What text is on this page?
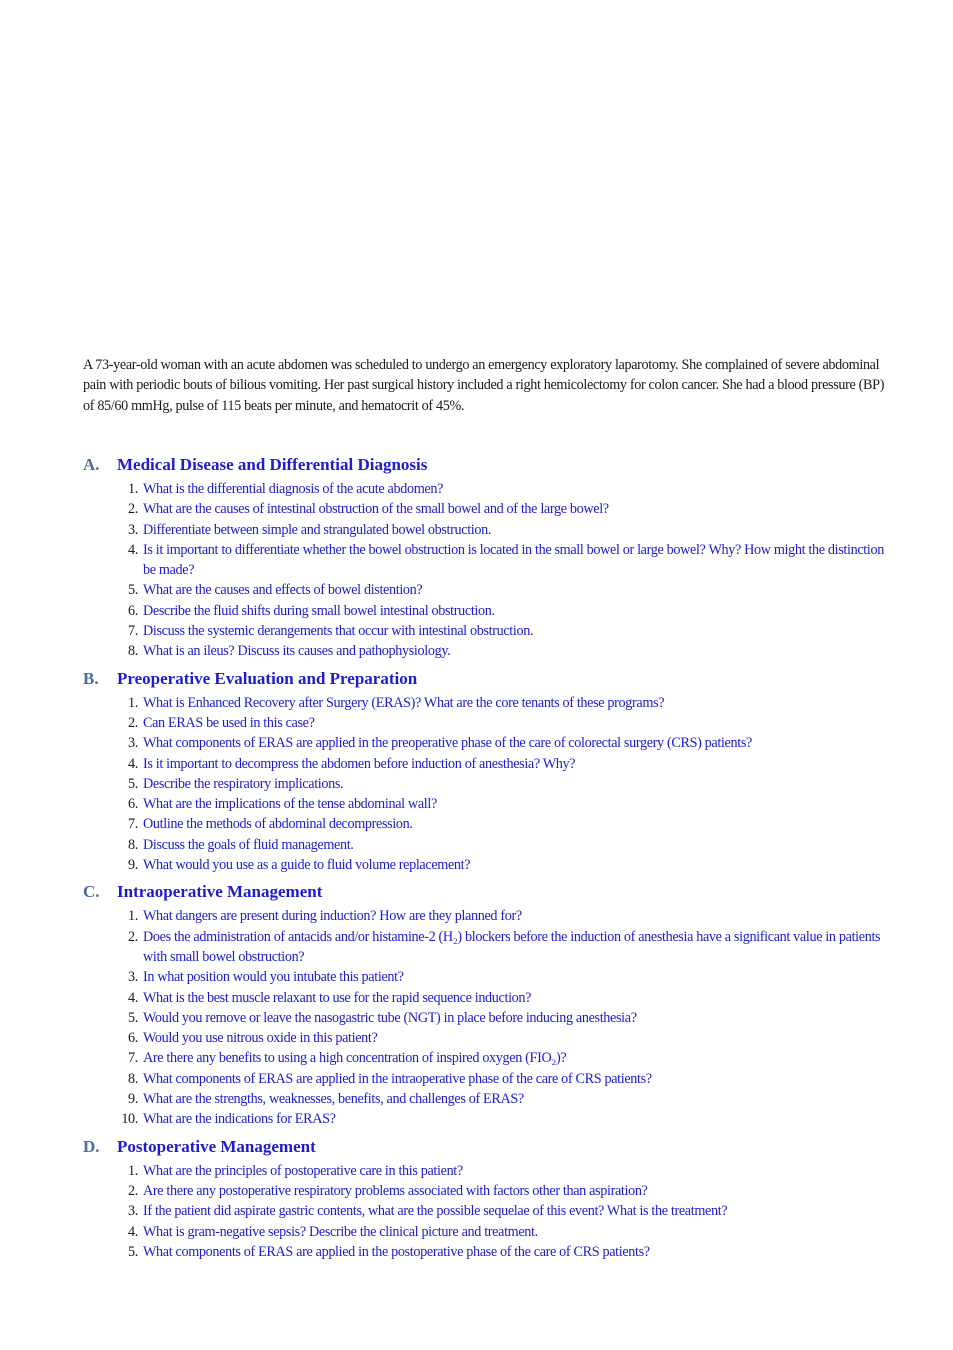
A 73-year-old woman with an acute abdomen was scheduled to undergo an emergency exploratory laparotomy. She complained of severe abdominal pain with periodic bouts of bilious vomiting. Her past surgical history included a right hemicolectomy for colon cancer. She had a blood pressure (BP) of 85/60 mmHg, pulse of 115 beats per minute, and hematocrit of 45%.

A.	Medical Disease and Differential Diagnosis
1. What is the differential diagnosis of the acute abdomen?
2. What are the causes of intestinal obstruction of the small bowel and of the large bowel?
3. Differentiate between simple and strangulated bowel obstruction.
4. Is it important to differentiate whether the bowel obstruction is located in the small bowel or large bowel? Why? How might the distinction be made?
5. What are the causes and effects of bowel distention?
6. Describe the fluid shifts during small bowel intestinal obstruction.
7. Discuss the systemic derangements that occur with intestinal obstruction.
8. What is an ileus? Discuss its causes and pathophysiology.
B.	Preoperative Evaluation and Preparation
1. What is Enhanced Recovery after Surgery (ERAS)? What are the core tenants of these programs?
2. Can ERAS be used in this case?
3. What components of ERAS are applied in the preoperative phase of the care of colorectal surgery (CRS) patients?
4. Is it important to decompress the abdomen before induction of anesthesia? Why?
5. Describe the respiratory implications.
6. What are the implications of the tense abdominal wall?
7. Outline the methods of abdominal decompression.
8. Discuss the goals of fluid management.
9. What would you use as a guide to fluid volume replacement?
C.	Intraoperative Management
1. What dangers are present during induction? How are they planned for?
2. Does the administration of antacids and/or histamine-2 (H₂) blockers before the induction of anesthesia have a significant value in patients with small bowel obstruction?
3. In what position would you intubate this patient?
4. What is the best muscle relaxant to use for the rapid sequence induction?
5. Would you remove or leave the nasogastric tube (NGT) in place before inducing anesthesia?
6. Would you use nitrous oxide in this patient?
7. Are there any benefits to using a high concentration of inspired oxygen (FIO₂)?
8. What components of ERAS are applied in the intraoperative phase of the care of CRS patients?
9. What are the strengths, weaknesses, benefits, and challenges of ERAS?
10. What are the indications for ERAS?
D.	Postoperative Management
1. What are the principles of postoperative care in this patient?
2. Are there any postoperative respiratory problems associated with factors other than aspiration?
3. If the patient did aspirate gastric contents, what are the possible sequelae of this event? What is the treatment?
4. What is gram-negative sepsis? Describe the clinical picture and treatment.
5. What components of ERAS are applied in the postoperative phase of the care of CRS patients?
